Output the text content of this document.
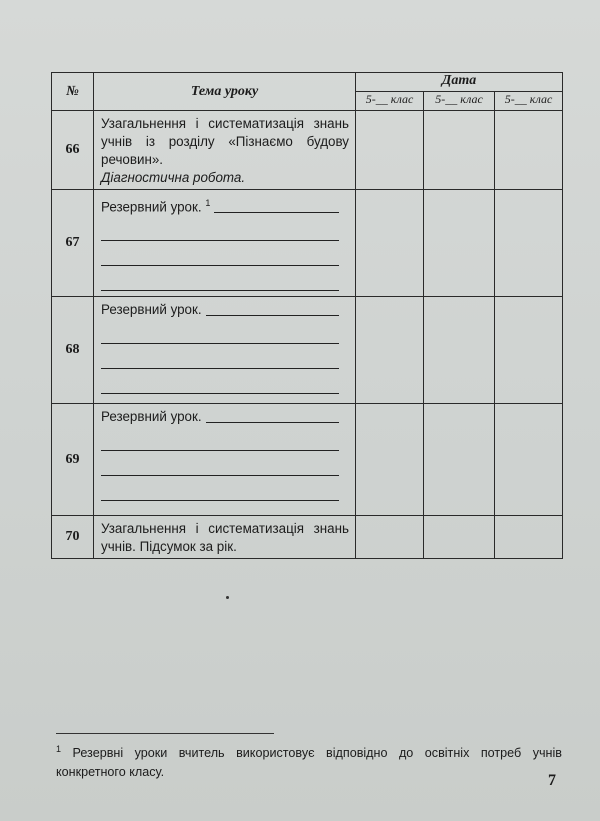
№	Тема уроку	Дата		
		5-__ клас	5-__ клас	5-__ клас
66	Узагальнення і систематизація знань
учнів із розділу «Пізнаємо будову
речовин».
Діагностична робота.			

67	Резервний урок. $^1$

68	Резервний урок.			

69	Резервний урок.			

70	Узагальнення і систематизація знань
учнів. Підсумок за рік.			

$^1$ Резервні уроки вчитель використовує відповідно до освітніх потреб учнів конкретного класу.	7
